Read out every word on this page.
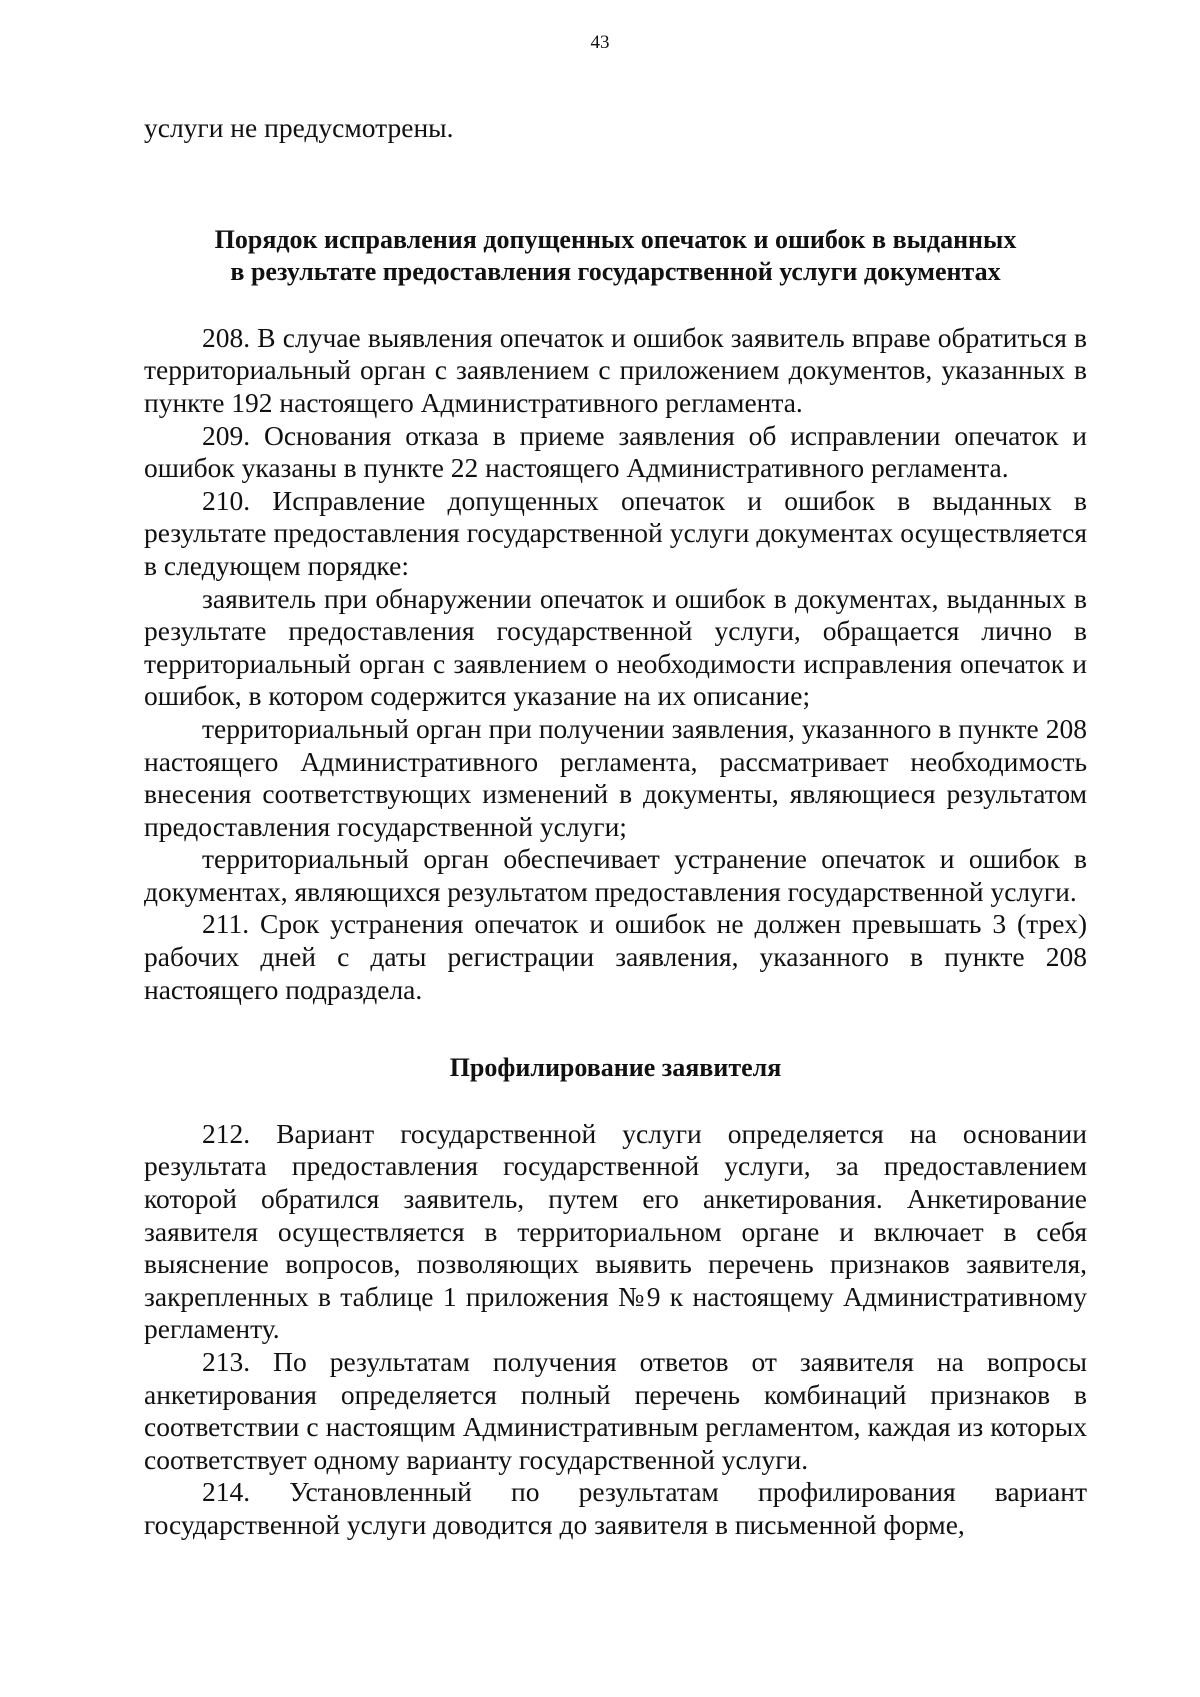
43

услуги не предусмотрены.

Порядок исправления допущенных опечаток и ошибок в выданных
в результате предоставления государственной услуги документах

208. В случае выявления опечаток и ошибок заявитель вправе обратиться в территориальный орган с заявлением с приложением документов, указанных в пункте 192 настоящего Административного регламента.

209. Основания отказа в приеме заявления об исправлении опечаток и ошибок указаны в пункте 22 настоящего Административного регламента.

210. Исправление допущенных опечаток и ошибок в выданных в результате предоставления государственной услуги документах осуществляется в следующем порядке:

заявитель при обнаружении опечаток и ошибок в документах, выданных в результате предоставления государственной услуги, обращается лично в территориальный орган с заявлением о необходимости исправления опечаток и ошибок, в котором содержится указание на их описание;

территориальный орган при получении заявления, указанного в пункте 208 настоящего Административного регламента, рассматривает необходимость внесения соответствующих изменений в документы, являющиеся результатом предоставления государственной услуги;

территориальный орган обеспечивает устранение опечаток и ошибок в документах, являющихся результатом предоставления государственной услуги.

211. Срок устранения опечаток и ошибок не должен превышать 3 (трех) рабочих дней с даты регистрации заявления, указанного в пункте 208 настоящего подраздела.

Профилирование заявителя

212. Вариант государственной услуги определяется на основании результата предоставления государственной услуги, за предоставлением которой обратился заявитель, путем его анкетирования. Анкетирование заявителя осуществляется в территориальном органе и включает в себя выяснение вопросов, позволяющих выявить перечень признаков заявителя, закрепленных в таблице 1 приложения №9 к настоящему Административному регламенту.

213. По результатам получения ответов от заявителя на вопросы анкетирования определяется полный перечень комбинаций признаков в соответствии с настоящим Административным регламентом, каждая из которых соответствует одному варианту государственной услуги.

214. Установленный по результатам профилирования вариант государственной услуги доводится до заявителя в письменной форме,
